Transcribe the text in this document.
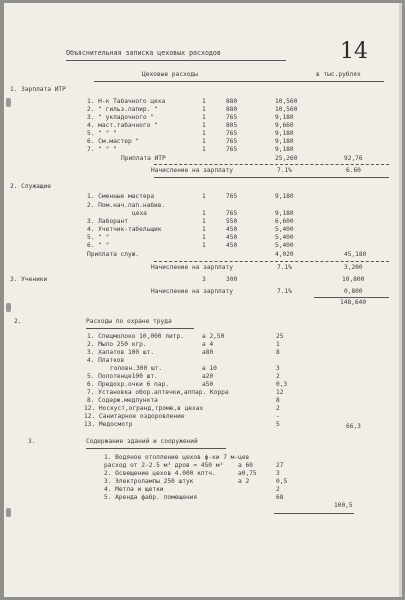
14
Объяснительная записка цеховых расходов
Цеховые расходы	в тыс.рублях
1. Зарплата ИТР
1. Н-к Табачного цеха	1	880	10,560
2. " гильз.папир. "	1	880	10,560
3. " укладочного "	1	765	9,180
4. маст.табачного "	1	805	9,660
5. " " "	1	765	9,180
6. См.мастер "	1	765	9,180
7. " " "	1	765	9,180
Приплата ИТР	25,260	92,76
Начисление на зарплату	7.1%	6.60
2. Служащие
1. Сменные мастера	1	765	9,180
2. Пом.нач.пап.набив.
цеха	1	765	9,180
3. Лаборант	1	550	6,600
4. Учетчик-табельщик	1	450	5,400
5. " "	1	450	5,400
6. " "	1	450	5,400
Приплата служ.	4,020	45,180
Начисление на зарплату	7.1%	3,200
3. Ученики	3	300	10,800
Начисление на зарплату	7.1%	0,800
148,640
2.	Расходы по охране труда
1. Спецмолоко 10,000 литр.	а 2,50	25
2. Мыло 250 кгр.	а 4	1
3. Халатов 100 шт.	а80	8
4. Платков
головн.300 шт.	а 10	3
5. Полотенце100 шт.	а20	2
6. Предохр.очки 6 пар.	а50	0,3
7. Установка обор.аптечки,аппар. Корра	12
8. Содерж.медпункта	8
12. Носкуст,огранд,троме,в цехах	2
12. Санитарное оздоровление	-
13. Медосмотр	5	66,3
3.	Содержание зданий и сооружений
1. Водяное отопление цехов ф-ки 7 м-цев
расход от 2-2.5 м³ дров = 450 м³ а 60	27
2. Освещение цехов 4.000 кптч.	а0,75	3
3. Электролампы 250 штук	а 2	0,5
4. Метла и щетки	2
5. Аренда фабр. помещения	68
100,5
